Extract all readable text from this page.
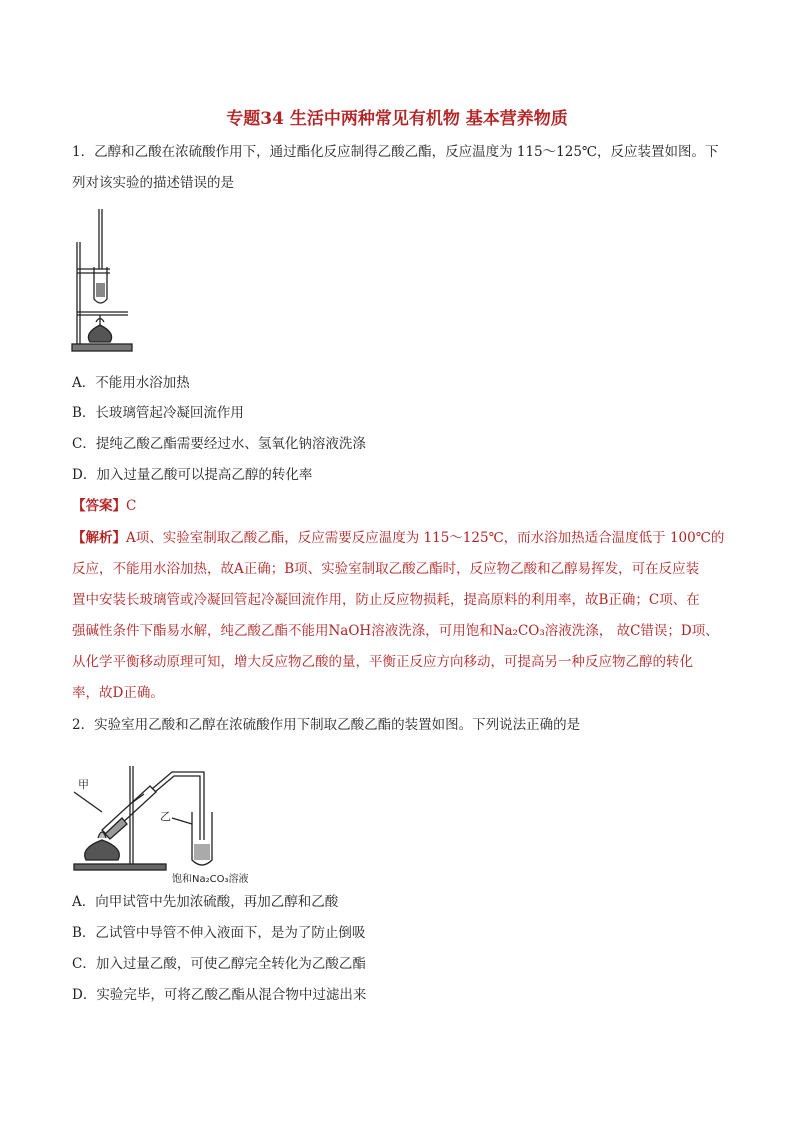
专题34 生活中两种常见有机物 基本营养物质
1．乙醇和乙酸在浓硫酸作用下，通过酯化反应制得乙酸乙酯，反应温度为 115～125℃，反应装置如图。下
列对该实验的描述错误的是
A．不能用水浴加热
B．长玻璃管起冷凝回流作用
C．提纯乙酸乙酯需要经过水、氢氧化钠溶液洗涤
D．加入过量乙酸可以提高乙醇的转化率
【答案】C
【解析】A项、实验室制取乙酸乙酯，反应需要反应温度为 115～125℃，而水浴加热适合温度低于 100℃的
反应，不能用水浴加热，故A正确；B项、实验室制取乙酸乙酯时，反应物乙酸和乙醇易挥发，可在反应装
置中安装长玻璃管或冷凝回管起冷凝回流作用，防止反应物损耗，提高原料的利用率，故B正确；C项、在
强碱性条件下酯易水解，纯乙酸乙酯不能用NaOH溶液洗涤，可用饱和Na₂CO₃溶液洗涤， 故C错误；D项、
从化学平衡移动原理可知，增大反应物乙酸的量，平衡正反应方向移动，可提高另一种反应物乙醇的转化
率，故D正确。
2．实验室用乙酸和乙醇在浓硫酸作用下制取乙酸乙酯的装置如图。下列说法正确的是
甲
乙
饱和Na₂CO₃溶液
A．向甲试管中先加浓硫酸，再加乙醇和乙酸
B．乙试管中导管不伸入液面下，是为了防止倒吸
C．加入过量乙酸，可使乙醇完全转化为乙酸乙酯
D．实验完毕，可将乙酸乙酯从混合物中过滤出来
